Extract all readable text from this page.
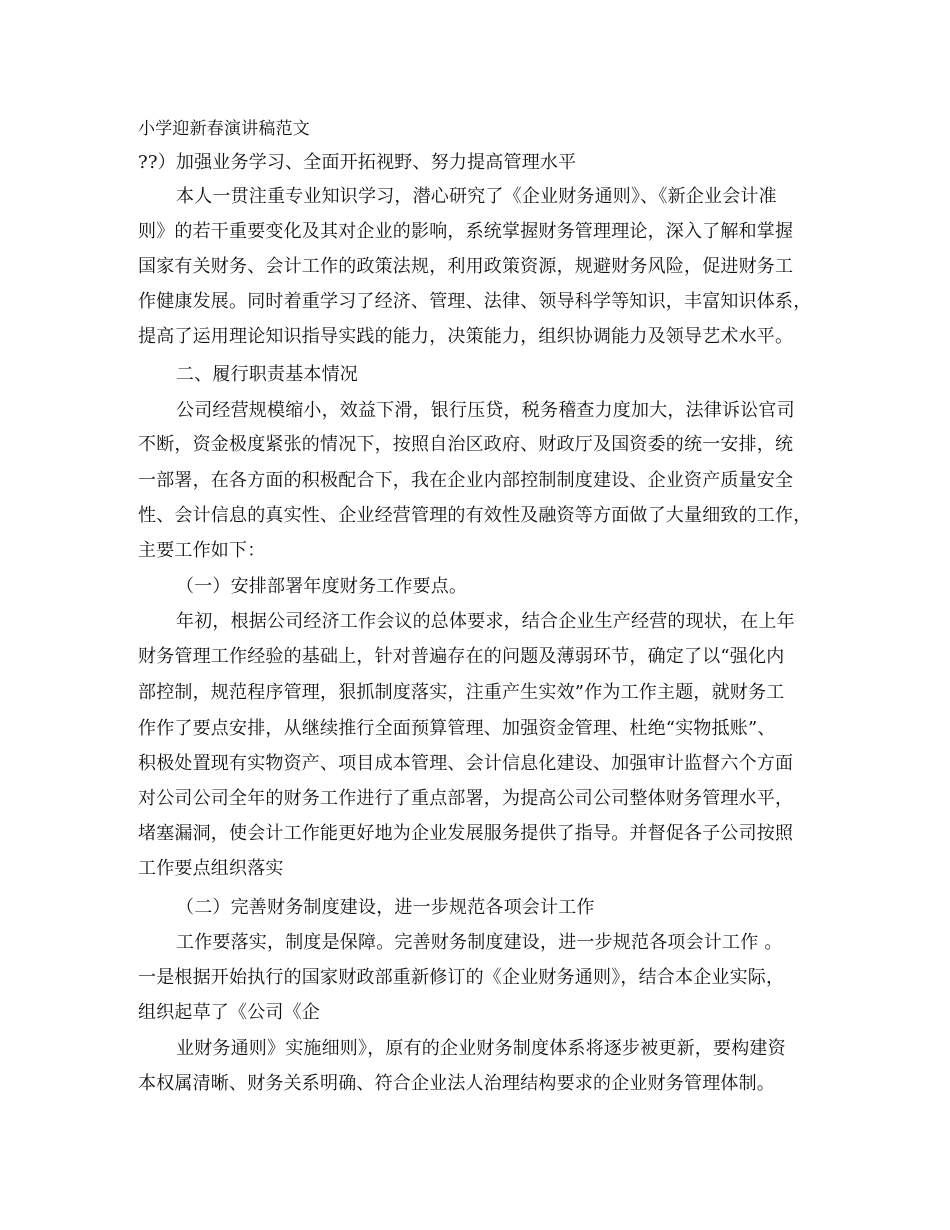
小学迎新春演讲稿范文
??）加强业务学习、全面开拓视野、努力提高管理水平
本人一贯注重专业知识学习，潜心研究了《企业财务通则》、《新企业会计准
则》的若干重要变化及其对企业的影响，系统掌握财务管理理论，深入了解和掌握
国家有关财务、会计工作的政策法规，利用政策资源，规避财务风险，促进财务工
作健康发展。同时着重学习了经济、管理、法律、领导科学等知识，丰富知识体系，
提高了运用理论知识指导实践的能力，决策能力，组织协调能力及领导艺术水平。
二、履行职责基本情况
公司经营规模缩小，效益下滑，银行压贷，税务稽查力度加大，法律诉讼官司
不断，资金极度紧张的情况下，按照自治区政府、财政厅及国资委的统一安排，统
一部署，在各方面的积极配合下，我在企业内部控制制度建设、企业资产质量安全
性、会计信息的真实性、企业经营管理的有效性及融资等方面做了大量细致的工作，
主要工作如下：
（一）安排部署年度财务工作要点。
年初，根据公司经济工作会议的总体要求，结合企业生产经营的现状，在上年
财务管理工作经验的基础上，针对普遍存在的问题及薄弱环节，确定了以“强化内
部控制，规范程序管理，狠抓制度落实，注重产生实效”作为工作主题，就财务工
作作了要点安排，从继续推行全面预算管理、加强资金管理、杜绝“实物抵账”、
积极处置现有实物资产、项目成本管理、会计信息化建设、加强审计监督六个方面
对公司公司全年的财务工作进行了重点部署，为提高公司公司整体财务管理水平，
堵塞漏洞，使会计工作能更好地为企业发展服务提供了指导。并督促各子公司按照
工作要点组织落实
（二）完善财务制度建设，进一步规范各项会计工作
工作要落实，制度是保障。完善财务制度建设，进一步规范各项会计工作 。
一是根据开始执行的国家财政部重新修订的《企业财务通则》，结合本企业实际，
组织起草了《公司《企
业财务通则》实施细则》，原有的企业财务制度体系将逐步被更新，要构建资
本权属清晰、财务关系明确、符合企业法人治理结构要求的企业财务管理体制。
